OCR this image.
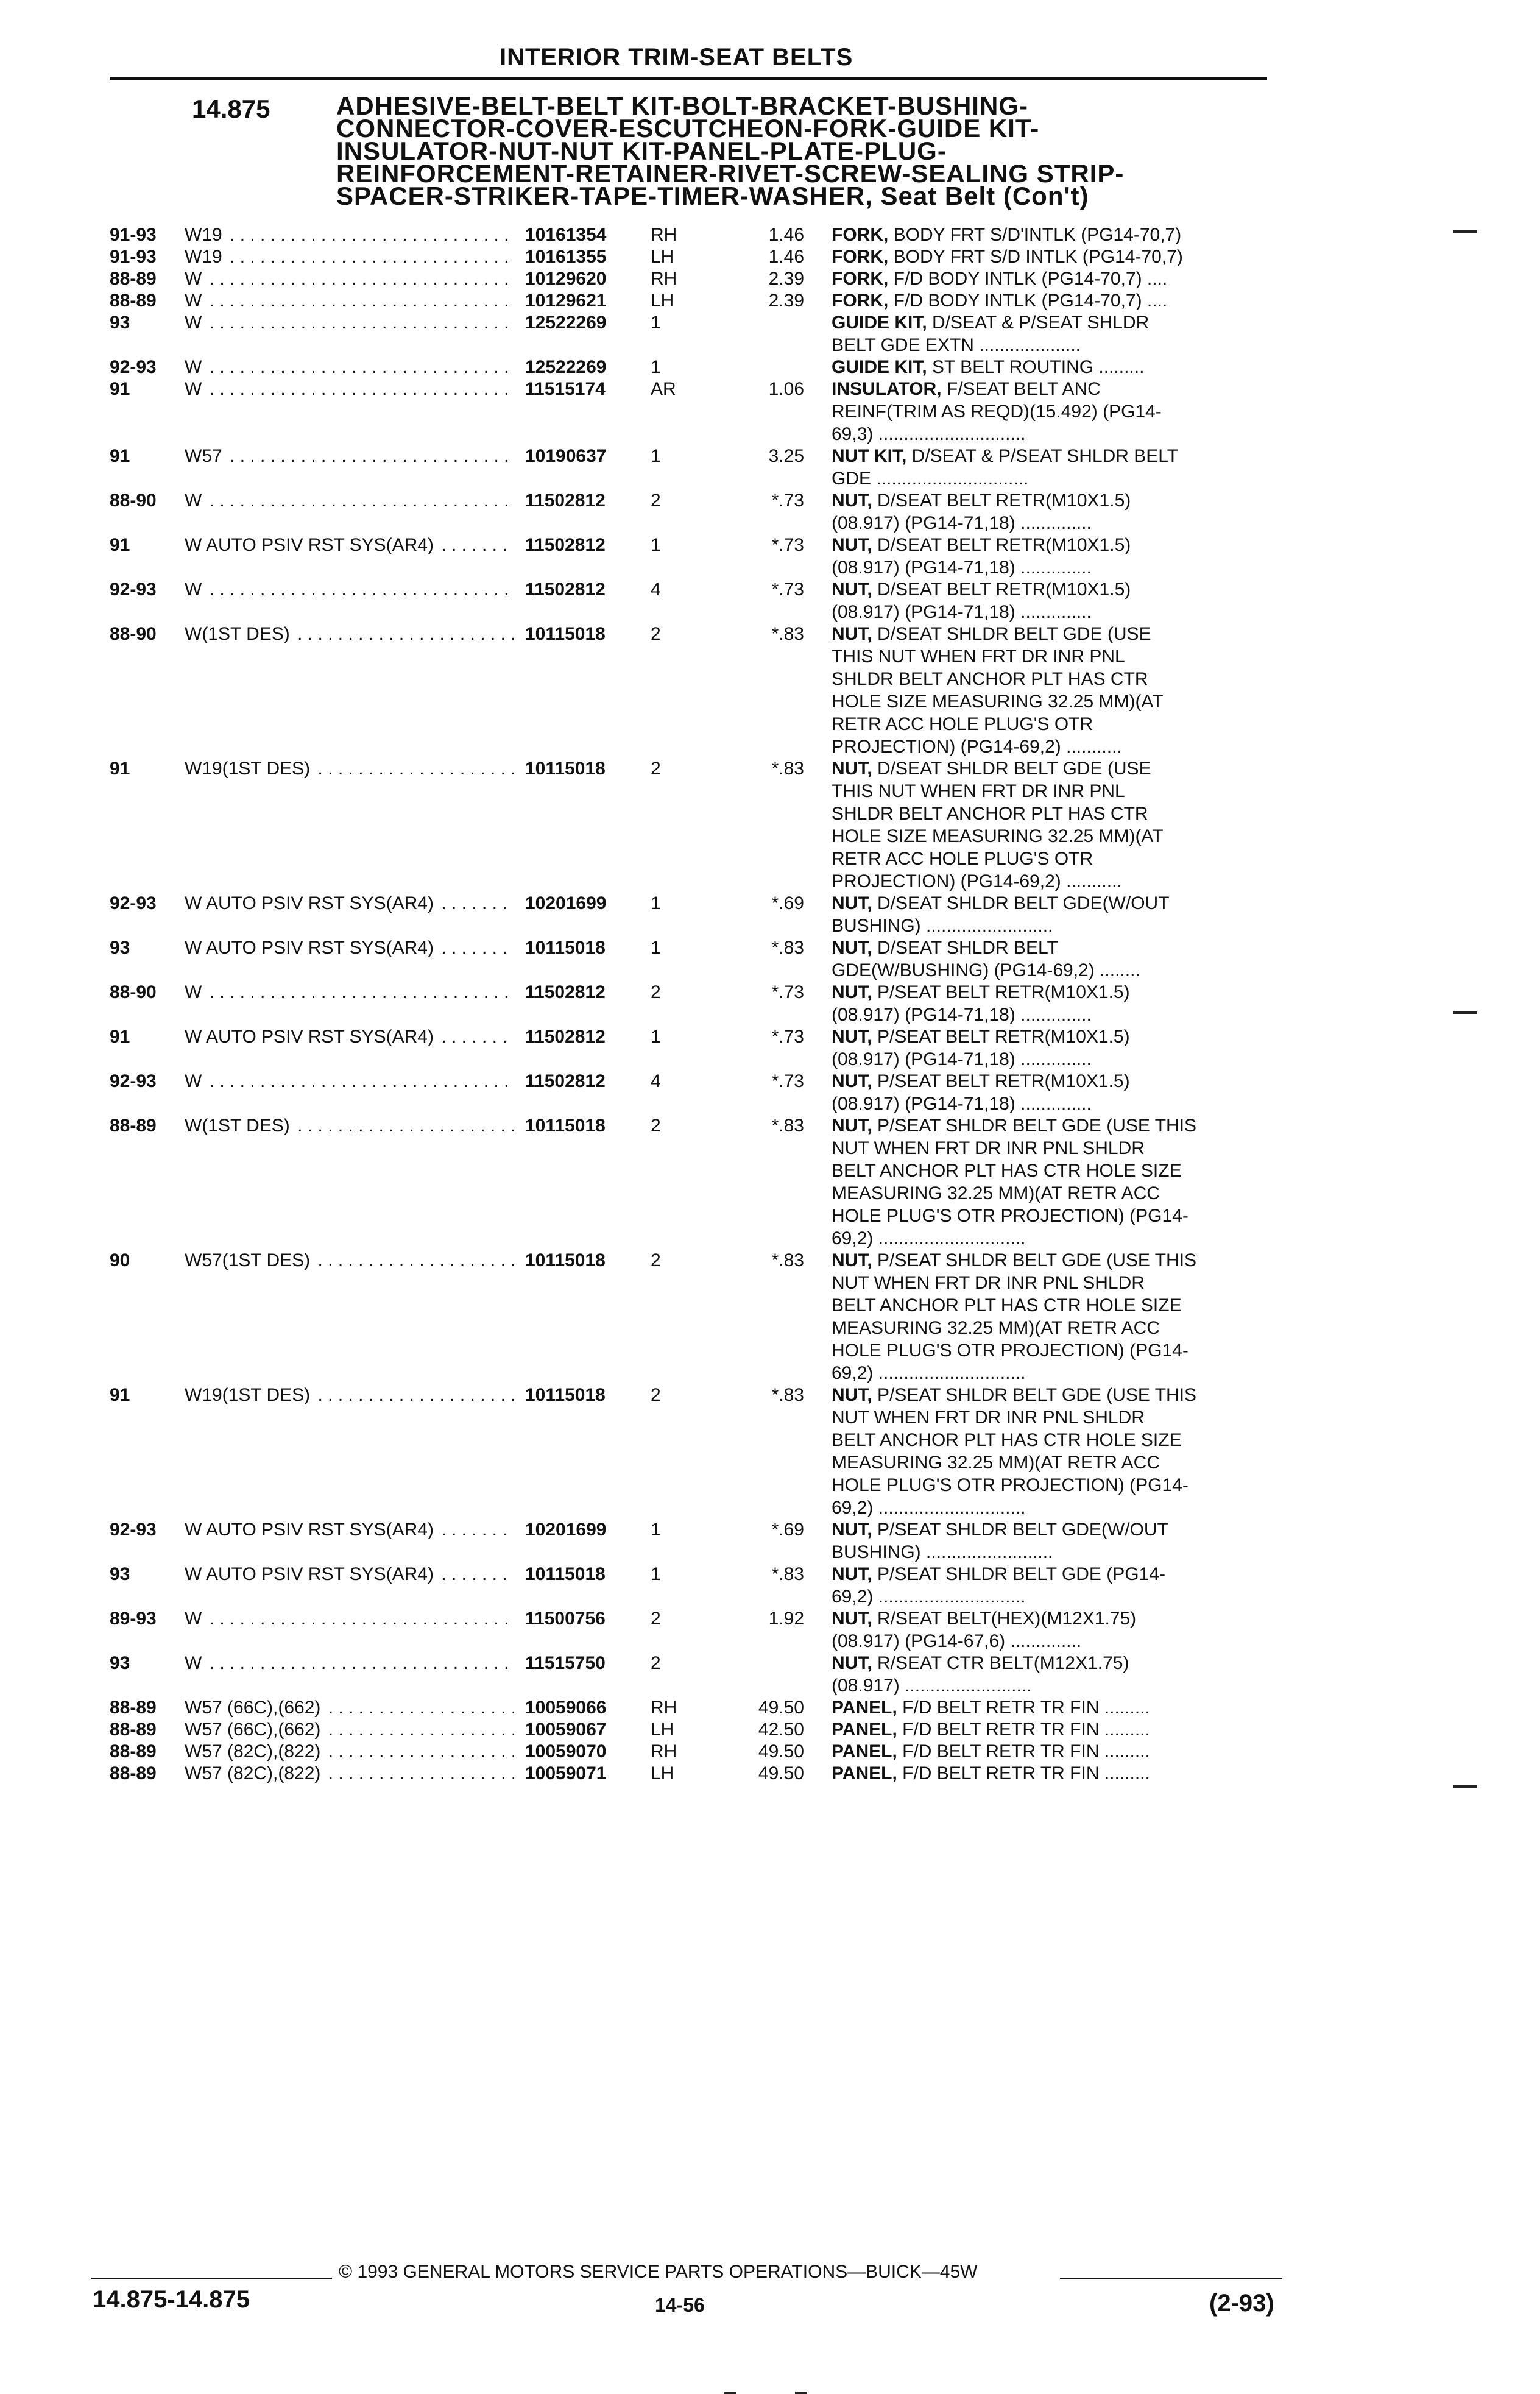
INTERIOR TRIM-SEAT BELTS
14.875	ADHESIVE-BELT-BELT KIT-BOLT-BRACKET-BUSHING-
CONNECTOR-COVER-ESCUTCHEON-FORK-GUIDE KIT-
INSULATOR-NUT-NUT KIT-PANEL-PLATE-PLUG-
REINFORCEMENT-RETAINER-RIVET-SCREW-SEALING STRIP-
SPACER-STRIKER-TAPE-TIMER-WASHER, Seat Belt (Con't)
91-93	W19 . . .	10161354	RH	1.46 FORK, BODY FRT S/D'INTLK (PG14-70,7)
91-93	W19 . . .	10161355	LH	1.46 FORK, BODY FRT S/D INTLK (PG14-70,7)
88-89	W . . .	10129620	RH	2.39 FORK, F/D BODY INTLK (PG14-70,7) ....
88-89	W . . .	10129621	LH	2.39 FORK, F/D BODY INTLK (PG14-70,7) ....
93	W . . .	12522269	1	GUIDE KIT, D/SEAT & P/SEAT SHLDR
BELT GDE EXTN ....................
92-93	W . . .	12522269	1	GUIDE KIT, ST BELT ROUTING .........
91	W . . .	11515174	AR	1.06 INSULATOR, F/SEAT BELT ANC
REINF(TRIM AS REQD)(15.492) (PG14-
69,3) .............................
91	W57 . . .	10190637	1	3.25 NUT KIT, D/SEAT & P/SEAT SHLDR BELT
GDE ..............................
88-90	W . . .	11502812	2	*.73 NUT, D/SEAT BELT RETR(M10X1.5)
(08.917) (PG14-71,18) ..............
91	W AUTO PSIV RST SYS(AR4) . . .	11502812	1	*.73 NUT, D/SEAT BELT RETR(M10X1.5)
(08.917) (PG14-71,18) ..............
92-93	W . . .	11502812	4	*.73 NUT, D/SEAT BELT RETR(M10X1.5)
(08.917) (PG14-71,18) ..............
88-90	W(1ST DES) . . .	10115018	2	*.83 NUT, D/SEAT SHLDR BELT GDE (USE
THIS NUT WHEN FRT DR INR PNL
SHLDR BELT ANCHOR PLT HAS CTR
HOLE SIZE MEASURING 32.25 MM)(AT
RETR ACC HOLE PLUG'S OTR
PROJECTION) (PG14-69,2) ...........
91	W19(1ST DES) . . .	10115018	2	*.83 NUT, D/SEAT SHLDR BELT GDE (USE
THIS NUT WHEN FRT DR INR PNL
SHLDR BELT ANCHOR PLT HAS CTR
HOLE SIZE MEASURING 32.25 MM)(AT
RETR ACC HOLE PLUG'S OTR
PROJECTION) (PG14-69,2) ...........
92-93	W AUTO PSIV RST SYS(AR4) . . .	10201699	1	*.69 NUT, D/SEAT SHLDR BELT GDE(W/OUT
BUSHING) .........................
93	W AUTO PSIV RST SYS(AR4) . . .	10115018	1	*.83 NUT, D/SEAT SHLDR BELT
GDE(W/BUSHING) (PG14-69,2) ........
88-90	W . . .	11502812	2	*.73 NUT, P/SEAT BELT RETR(M10X1.5)
(08.917) (PG14-71,18) ..............
91	W AUTO PSIV RST SYS(AR4) . . .	11502812	1	*.73 NUT, P/SEAT BELT RETR(M10X1.5)
(08.917) (PG14-71,18) ..............
92-93	W . . .	11502812	4	*.73 NUT, P/SEAT BELT RETR(M10X1.5)
(08.917) (PG14-71,18) ..............
88-89	W(1ST DES) . . .	10115018	2	*.83 NUT, P/SEAT SHLDR BELT GDE (USE THIS
NUT WHEN FRT DR INR PNL SHLDR
BELT ANCHOR PLT HAS CTR HOLE SIZE
MEASURING 32.25 MM)(AT RETR ACC
HOLE PLUG'S OTR PROJECTION) (PG14-
69,2) .............................
90	W57(1ST DES) . . .	10115018	2	*.83 NUT, P/SEAT SHLDR BELT GDE (USE THIS
NUT WHEN FRT DR INR PNL SHLDR
BELT ANCHOR PLT HAS CTR HOLE SIZE
MEASURING 32.25 MM)(AT RETR ACC
HOLE PLUG'S OTR PROJECTION) (PG14-
69,2) .............................
91	W19(1ST DES) . . .	10115018	2	*.83 NUT, P/SEAT SHLDR BELT GDE (USE THIS
NUT WHEN FRT DR INR PNL SHLDR
BELT ANCHOR PLT HAS CTR HOLE SIZE
MEASURING 32.25 MM)(AT RETR ACC
HOLE PLUG'S OTR PROJECTION) (PG14-
69,2) .............................
92-93	W AUTO PSIV RST SYS(AR4) . . .	10201699	1	*.69 NUT, P/SEAT SHLDR BELT GDE(W/OUT
BUSHING) .........................
93	W AUTO PSIV RST SYS(AR4) . . .	10115018	1	*.83 NUT, P/SEAT SHLDR BELT GDE (PG14-
69,2) .............................
89-93	W . . .	11500756	2	1.92 NUT, R/SEAT BELT(HEX)(M12X1.75)
(08.917) (PG14-67,6) ..............
93	W . . .	11515750	2	NUT, R/SEAT CTR BELT(M12X1.75)
(08.917) .........................
88-89	W57 (66C),(662) . . .	10059066	RH	49.50 PANEL, F/D BELT RETR TR FIN .........
88-89	W57 (66C),(662) . . .	10059067	LH	42.50 PANEL, F/D BELT RETR TR FIN .........
88-89	W57 (82C),(822) . . .	10059070	RH	49.50 PANEL, F/D BELT RETR TR FIN .........
88-89	W57 (82C),(822) . . .	10059071	LH	49.50 PANEL, F/D BELT RETR TR FIN .........
© 1993 GENERAL MOTORS SERVICE PARTS OPERATIONS—BUICK—45W
14.875-14.875	14-56	(2-93)
